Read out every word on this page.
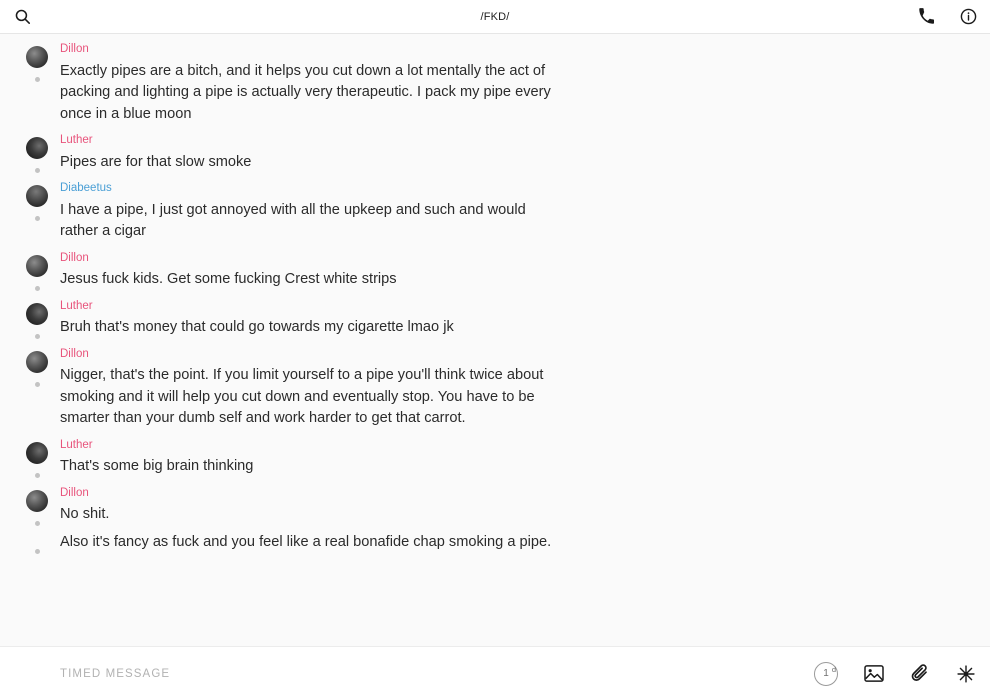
/FKD/
Dillon
Exactly pipes are a bitch, and it helps you cut down a lot mentally the act of packing and lighting a pipe is actually very therapeutic. I pack my pipe every once in a blue moon
Luther
Pipes are for that slow smoke
Diabeetus
I have a pipe, I just got annoyed with all the upkeep and such and would rather a cigar
Dillon
Jesus fuck kids. Get some fucking Crest white strips
Luther
Bruh that's money that could go towards my cigarette lmao jk
Dillon
Nigger, that's the point. If you limit yourself to a pipe you'll think twice about smoking and it will help you cut down and eventually stop. You have to be smarter than your dumb self and work harder to get that carrot.
Luther
That's some big brain thinking
Dillon
No shit.
Also it's fancy as fuck and you feel like a real bonafide chap smoking a pipe.
TIMED MESSAGE
1 $^d$
